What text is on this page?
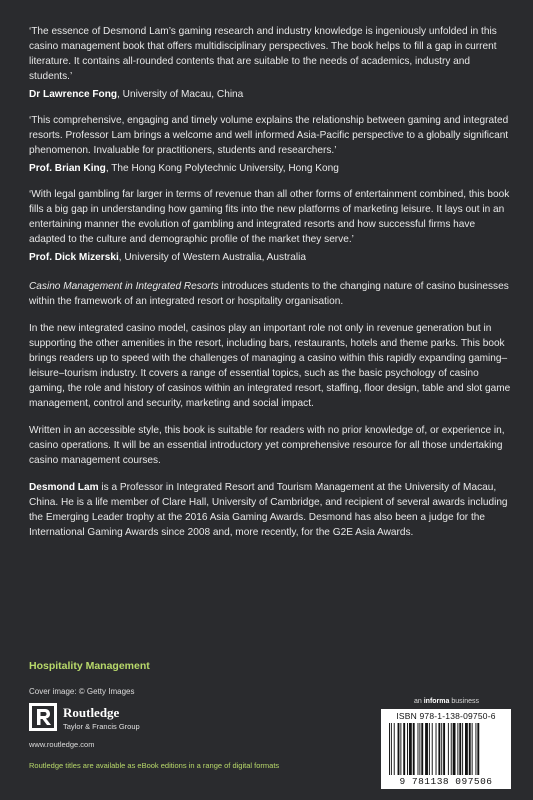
‘The essence of Desmond Lam’s gaming research and industry knowledge is ingeniously unfolded in this casino management book that offers multidisciplinary perspectives. The book helps to fill a gap in current literature. It contains all-rounded contents that are suitable to the needs of academics, industry and students.’

Dr Lawrence Fong, University of Macau, China

‘This comprehensive, engaging and timely volume explains the relationship between gaming and integrated resorts. Professor Lam brings a welcome and well informed Asia-Pacific perspective to a globally significant phenomenon. Invaluable for practitioners, students and researchers.’

Prof. Brian King, The Hong Kong Polytechnic University, Hong Kong

‘With legal gambling far larger in terms of revenue than all other forms of entertainment combined, this book fills a big gap in understanding how gaming fits into the new platforms of marketing leisure. It lays out in an entertaining manner the evolution of gambling and integrated resorts and how successful firms have adapted to the culture and demographic profile of the market they serve.’

Prof. Dick Mizerski, University of Western Australia, Australia

Casino Management in Integrated Resorts introduces students to the changing nature of casino businesses within the framework of an integrated resort or hospitality organisation.

In the new integrated casino model, casinos play an important role not only in revenue generation but in supporting the other amenities in the resort, including bars, restaurants, hotels and theme parks. This book brings readers up to speed with the challenges of managing a casino within this rapidly expanding gaming–leisure–tourism industry. It covers a range of essential topics, such as the basic psychology of casino gaming, the role and history of casinos within an integrated resort, staffing, floor design, table and slot game management, control and security, marketing and social impact.

Written in an accessible style, this book is suitable for readers with no prior knowledge of, or experience in, casino operations. It will be an essential introductory yet comprehensive resource for all those undertaking casino management courses.

Desmond Lam is a Professor in Integrated Resort and Tourism Management at the University of Macau, China. He is a life member of Clare Hall, University of Cambridge, and recipient of several awards including the Emerging Leader trophy at the 2016 Asia Gaming Awards. Desmond has also been a judge for the International Gaming Awards since 2008 and, more recently, for the G2E Asia Awards.

Hospitality Management
Cover image: © Getty Images
Routledge
Taylor & Francis Group
www.routledge.com
Routledge titles are available as eBook editions in a range of digital formats
an informa business
ISBN 978-1-138-09750-6
9 781138 097506
